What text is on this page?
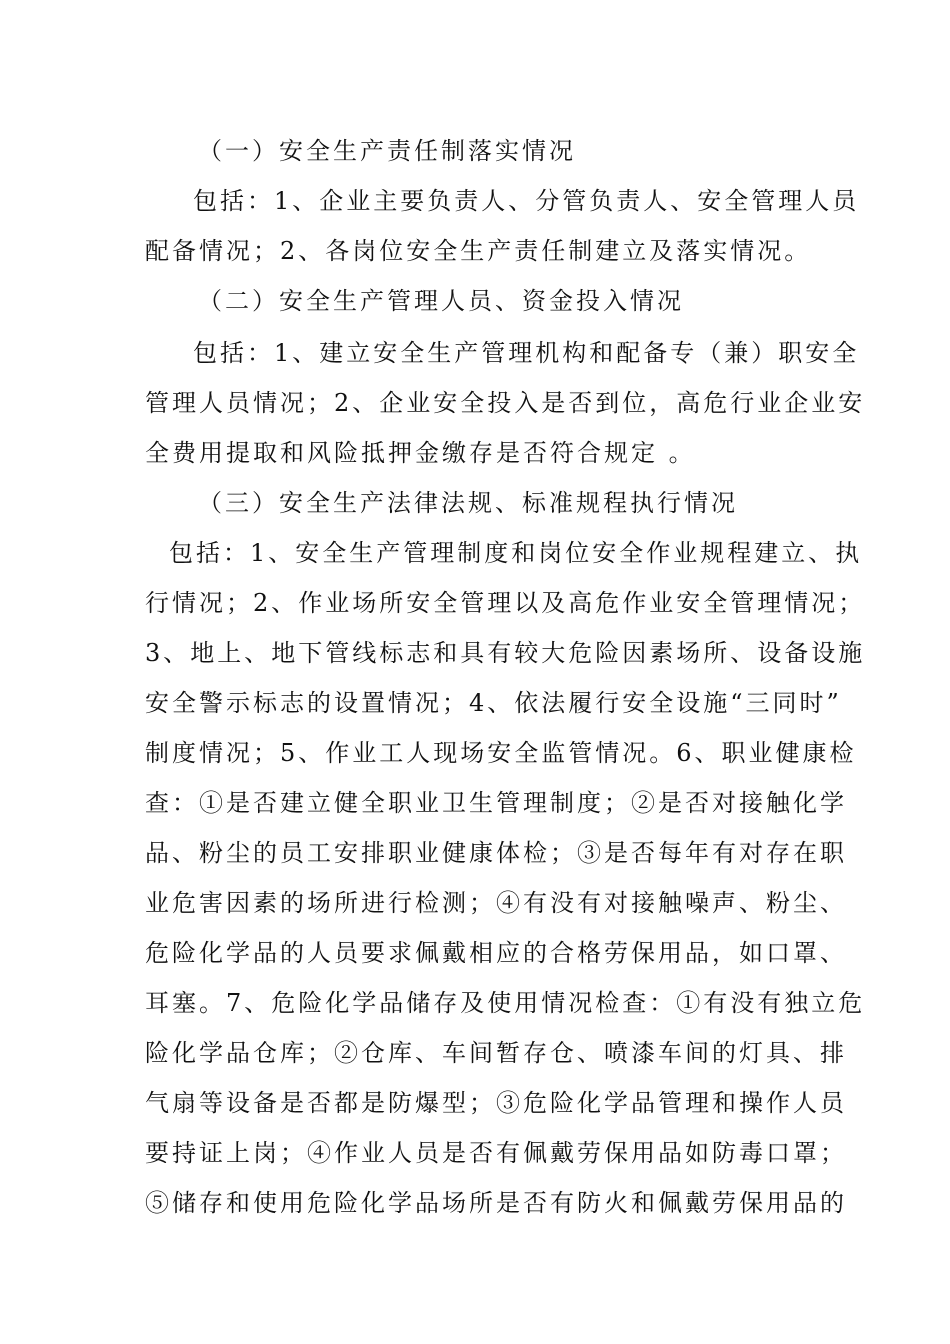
（一）安全生产责任制落实情况
包括：1、企业主要负责人、分管负责人、安全管理人员
配备情况；2、各岗位安全生产责任制建立及落实情况。
（二）安全生产管理人员、资金投入情况
包括：1、建立安全生产管理机构和配备专（兼）职安全
管理人员情况；2、企业安全投入是否到位，高危行业企业安
全费用提取和风险抵押金缴存是否符合规定 。
（三）安全生产法律法规、标准规程执行情况
包括：1、安全生产管理制度和岗位安全作业规程建立、执
行情况；2、作业场所安全管理以及高危作业安全管理情况；
3、地上、地下管线标志和具有较大危险因素场所、设备设施
安全警示标志的设置情况；4、依法履行安全设施“三同时”
制度情况；5、作业工人现场安全监管情况。6、职业健康检
查：①是否建立健全职业卫生管理制度；②是否对接触化学
品、粉尘的员工安排职业健康体检；③是否每年有对存在职
业危害因素的场所进行检测；④有没有对接触噪声、粉尘、
危险化学品的人员要求佩戴相应的合格劳保用品，如口罩、
耳塞。7、危险化学品储存及使用情况检查：①有没有独立危
险化学品仓库；②仓库、车间暂存仓、喷漆车间的灯具、排
气扇等设备是否都是防爆型；③危险化学品管理和操作人员
要持证上岗；④作业人员是否有佩戴劳保用品如防毒口罩；
⑤储存和使用危险化学品场所是否有防火和佩戴劳保用品的
